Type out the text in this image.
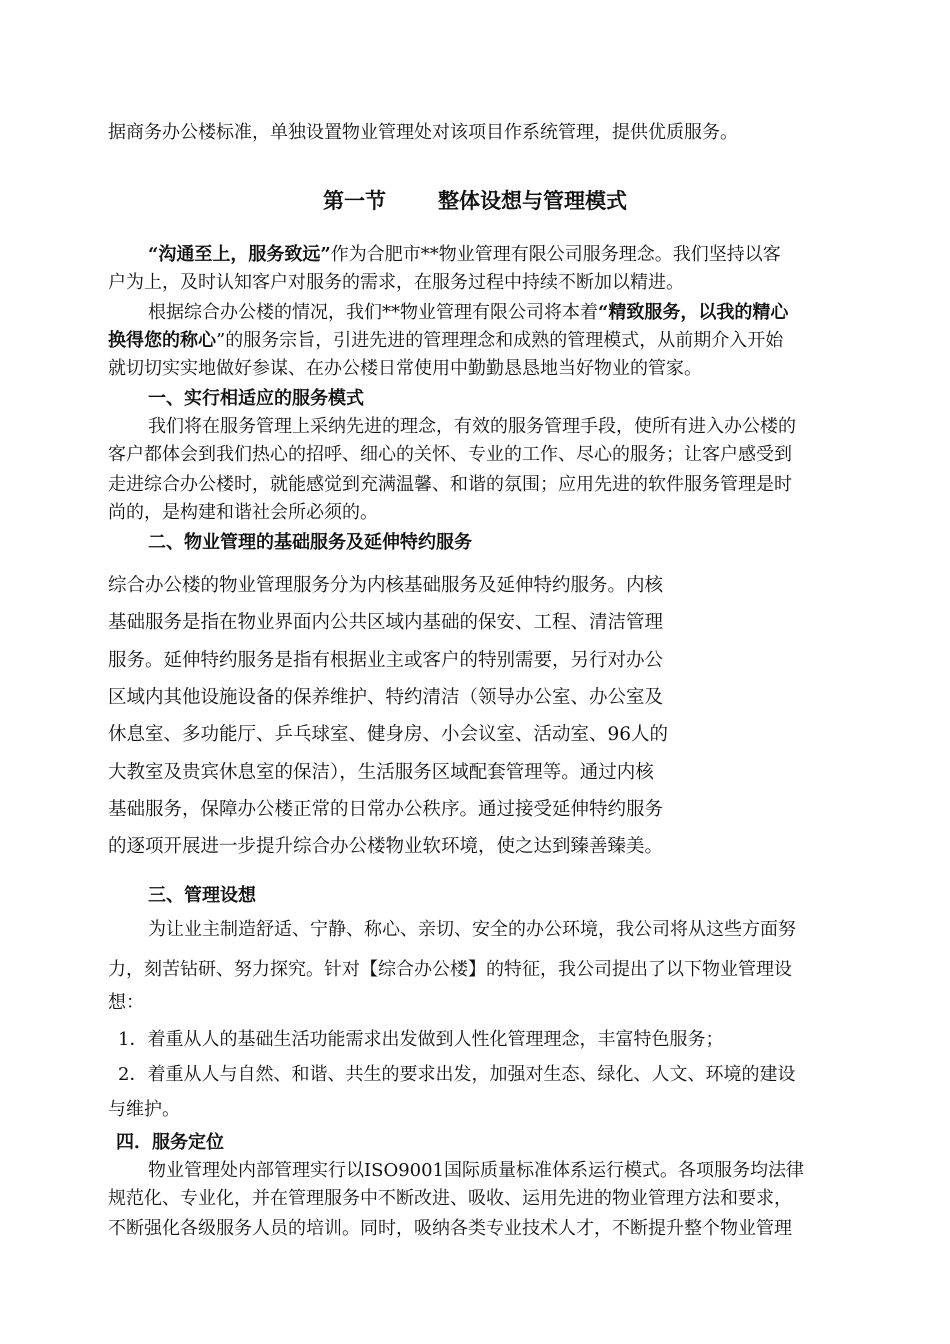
据商务办公楼标准，单独设置物业管理处对该项目作系统管理，提供优质服务。
第一节 整体设想与管理模式
“沟通至上，服务致远”作为合肥市**物业管理有限公司服务理念。我们坚持以客
户为上，及时认知客户对服务的需求，在服务过程中持续不断加以精进。
根据综合办公楼的情况，我们**物业管理有限公司将本着“精致服务，以我的精心
换得您的称心”的服务宗旨，引进先进的管理理念和成熟的管理模式，从前期介入开始
就切切实实地做好参谋、在办公楼日常使用中勤勤恳恳地当好物业的管家。
一、实行相适应的服务模式
我们将在服务管理上采纳先进的理念，有效的服务管理手段，使所有进入办公楼的
客户都体会到我们热心的招呼、细心的关怀、专业的工作、尽心的服务；让客户感受到
走进综合办公楼时，就能感觉到充满温馨、和谐的氛围；应用先进的软件服务管理是时
尚的，是构建和谐社会所必须的。
二、物业管理的基础服务及延伸特约服务
综合办公楼的物业管理服务分为内核基础服务及延伸特约服务。内核
基础服务是指在物业界面内公共区域内基础的保安、工程、清洁管理
服务。延伸特约服务是指有根据业主或客户的特别需要，另行对办公
区域内其他设施设备的保养维护、特约清洁（领导办公室、办公室及
休息室、多功能厅、乒乓球室、健身房、小会议室、活动室、96人的
大教室及贵宾休息室的保洁），生活服务区域配套管理等。通过内核
基础服务，保障办公楼正常的日常办公秩序。通过接受延伸特约服务
的逐项开展进一步提升综合办公楼物业软环境，使之达到臻善臻美。
三、管理设想
为让业主制造舒适、宁静、称心、亲切、安全的办公环境，我公司将从这些方面努
力，刻苦钻研、努力探究。针对【综合办公楼】的特征，我公司提出了以下物业管理设
想：
1．着重从人的基础生活功能需求出发做到人性化管理理念，丰富特色服务；
2．着重从人与自然、和谐、共生的要求出发，加强对生态、绿化、人文、环境的建设
与维护。
四．服务定位
物业管理处内部管理实行以ISO9001国际质量标准体系运行模式。各项服务均法律
规范化、专业化，并在管理服务中不断改进、吸收、运用先进的物业管理方法和要求，
不断强化各级服务人员的培训。同时，吸纳各类专业技术人才，不断提升整个物业管理
